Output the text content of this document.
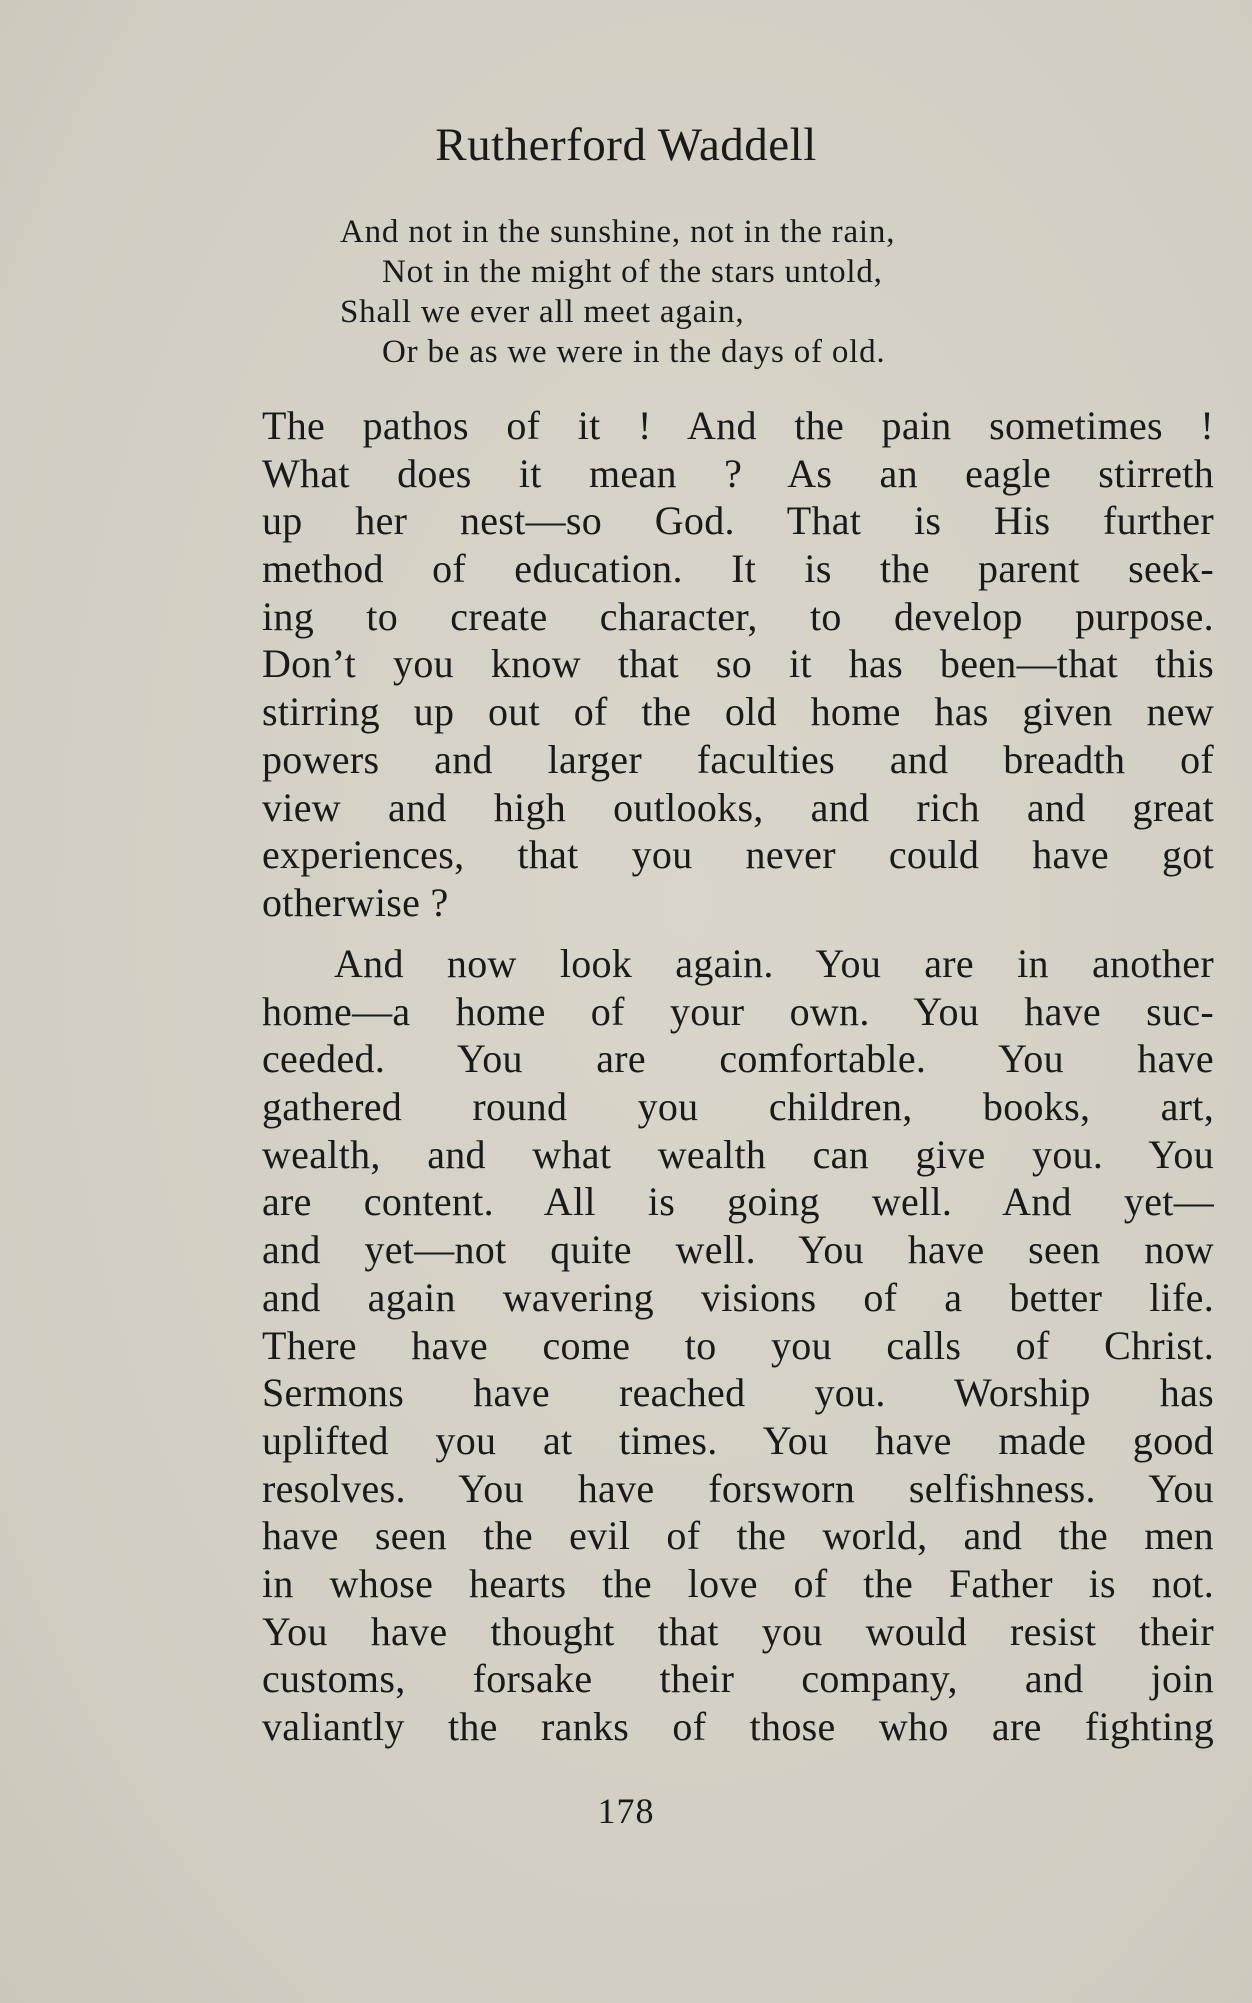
Rutherford Waddell
And not in the sunshine, not in the rain,
Not in the might of the stars untold,
Shall we ever all meet again,
Or be as we were in the days of old.
The pathos of it ! And the pain sometimes !
What does it mean ? As an eagle stirreth
up her nest—so God. That is His further
method of education. It is the parent seek-
ing to create character, to develop purpose.
Don’t you know that so it has been—that this
stirring up out of the old home has given new
powers and larger faculties and breadth of
view and high outlooks, and rich and great
experiences, that you never could have got
otherwise ?
And now look again. You are in another
home—a home of your own. You have suc-
ceeded. You are comfortable. You have
gathered round you children, books, art,
wealth, and what wealth can give you. You
are content. All is going well. And yet—
and yet—not quite well. You have seen now
and again wavering visions of a better life.
There have come to you calls of Christ.
Sermons have reached you. Worship has
uplifted you at times. You have made good
resolves. You have forsworn selfishness. You
have seen the evil of the world, and the men
in whose hearts the love of the Father is not.
You have thought that you would resist their
customs, forsake their company, and join
valiantly the ranks of those who are fighting
178
